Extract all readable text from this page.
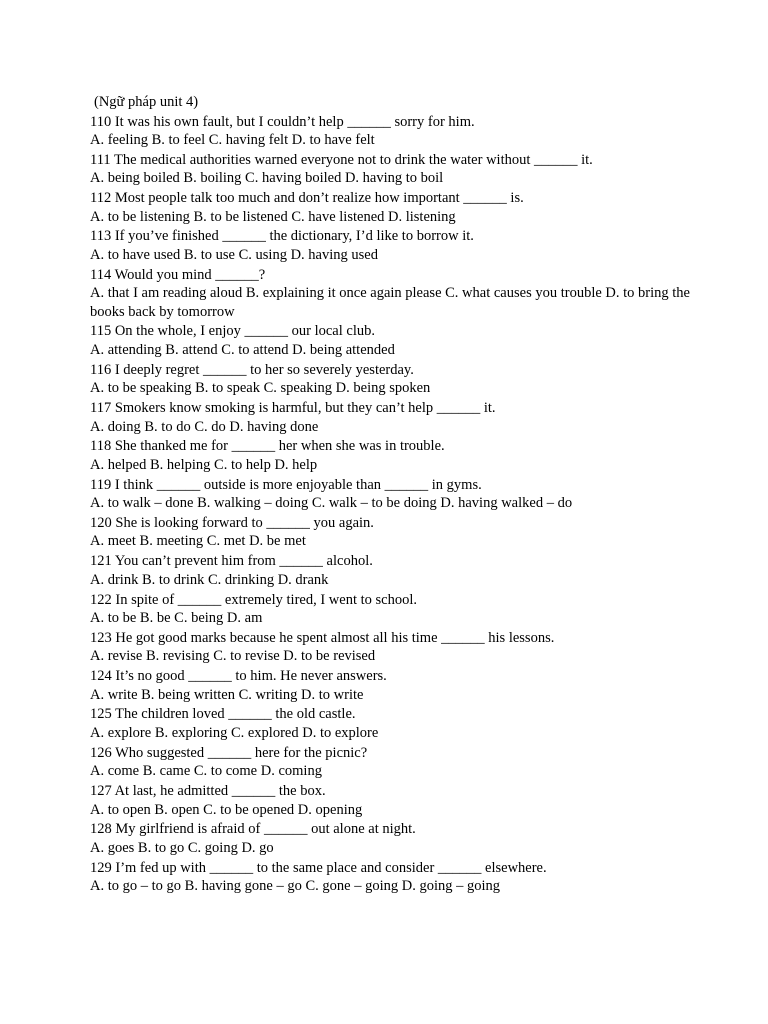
(Ngữ pháp unit 4)

110 It was his own fault, but I couldn’t help ______ sorry for him.

A. feeling B. to feel C. having felt D. to have felt

111 The medical authorities warned everyone not to drink the water without ______ it.

A. being boiled B. boiling C. having boiled D. having to boil

112 Most people talk too much and don’t realize how important ______ is.

A. to be listening B. to be listened C. have listened D. listening

113 If you’ve finished ______ the dictionary, I’d like to borrow it.

A. to have used B. to use C. using D. having used

114 Would you mind ______?

A. that I am reading aloud B. explaining it once again please C. what causes you trouble D. to bring the books back by tomorrow

115 On the whole, I enjoy ______ our local club.

A. attending B. attend C. to attend D. being attended

116 I deeply regret ______ to her so severely yesterday.

A. to be speaking B. to speak C. speaking D. being spoken

117 Smokers know smoking is harmful, but they can’t help ______ it.

A. doing B. to do C. do D. having done

118 She thanked me for ______ her when she was in trouble.

A. helped B. helping C. to help D. help

119 I think ______ outside is more enjoyable than ______ in gyms.

A. to walk – done B. walking – doing C. walk – to be doing D. having walked – do

120 She is looking forward to ______ you again.

A. meet B. meeting C. met D. be met

121 You can’t prevent him from ______ alcohol.

A. drink B. to drink C. drinking D. drank

122 In spite of ______ extremely tired, I went to school.

A. to be B. be C. being D. am

123 He got good marks because he spent almost all his time ______ his lessons.

A. revise B. revising C. to revise D. to be revised

124 It’s no good ______ to him. He never answers.

A. write B. being written C. writing D. to write

125 The children loved ______ the old castle.

A. explore B. exploring C. explored D. to explore

126 Who suggested ______ here for the picnic?

A. come B. came C. to come D. coming

127 At last, he admitted ______ the box.

A. to open B. open C. to be opened D. opening

128 My girlfriend is afraid of ______ out alone at night.

A. goes B. to go C. going D. go

129 I’m fed up with ______ to the same place and consider ______ elsewhere.

A. to go – to go B. having gone – go C. gone – going D. going – going
